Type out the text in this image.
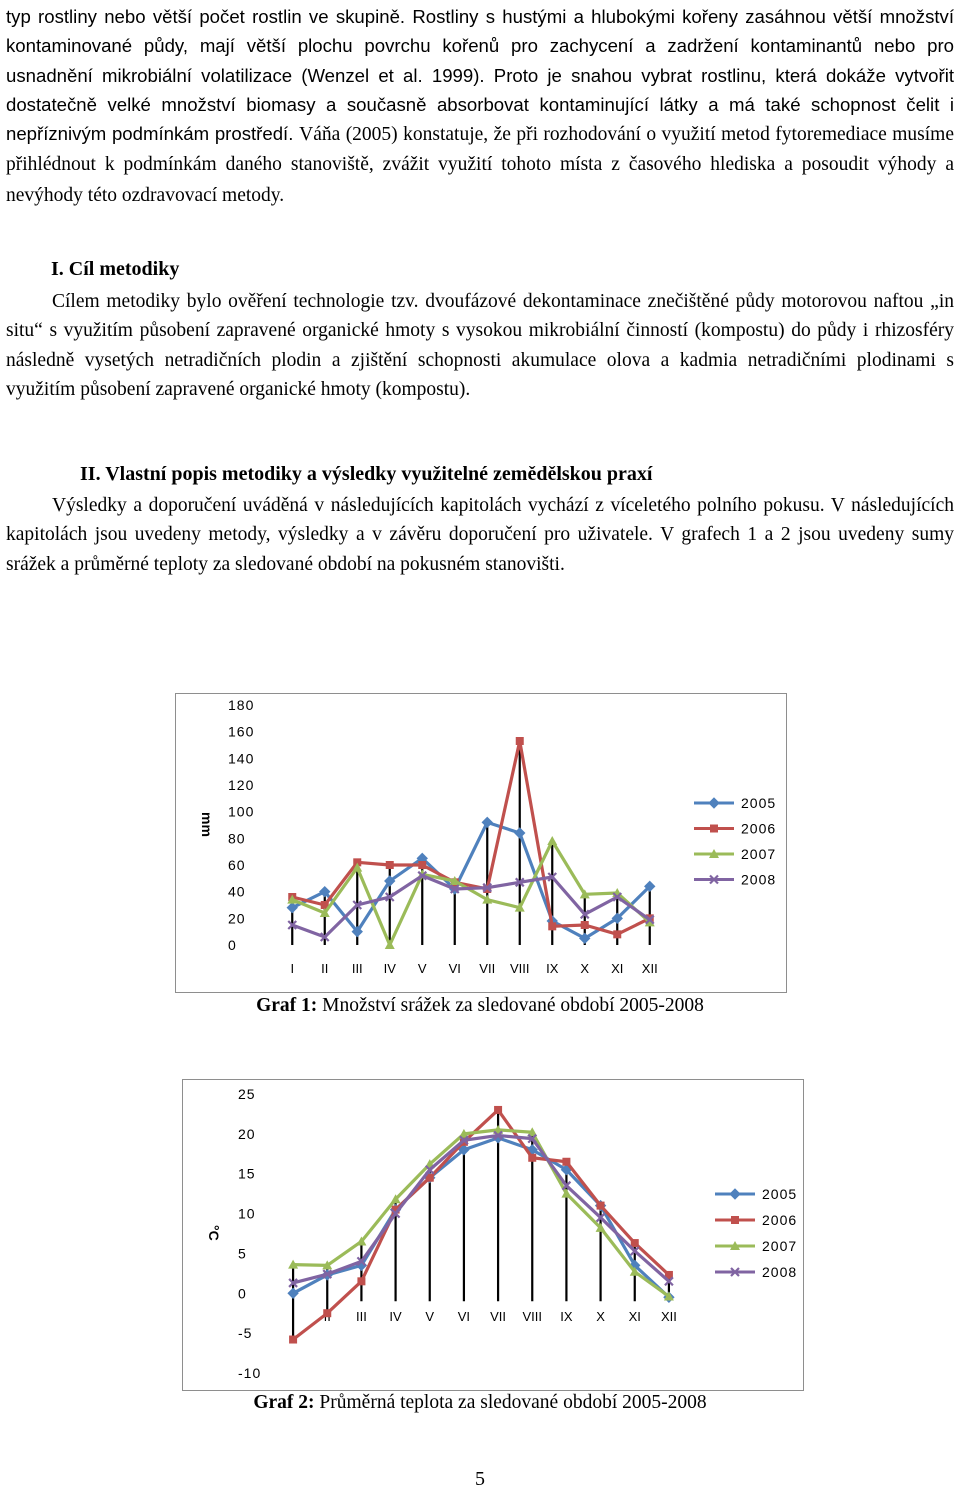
typ rostliny nebo větší počet rostlin ve skupině. Rostliny s hustými a hlubokými kořeny zasáhnou větší množství kontaminované půdy, mají větší plochu povrchu kořenů pro zachycení a zadržení kontaminantů nebo pro usnadnění mikrobiální volatilizace (Wenzel et al. 1999). Proto je snahou vybrat rostlinu, která dokáže vytvořit dostatečně velké množství biomasy a současně absorbovat kontaminující látky a má také schopnost čelit i nepříznivým podmínkám prostředí. Váňa (2005) konstatuje, že při rozhodování o využití metod fytoremediace musíme přihlédnout k podmínkám daného stanoviště, zvážit využití tohoto místa z časového hlediska a posoudit výhody a nevýhody této ozdravovací metody.

I. Cíl metodiky

Cílem metodiky bylo ověření technologie tzv. dvoufázové dekontaminace znečištěné půdy motorovou naftou „in situ“ s využitím působení zapravené organické hmoty s vysokou mikrobiální činností (kompostu) do půdy i rhizosféry následně vysetých netradičních plodin a zjištění schopnosti akumulace olova a kadmia netradičními plodinami s využitím působení zapravené organické hmoty (kompostu).

II. Vlastní popis metodiky a výsledky využitelné zemědělskou praxí

Výsledky a doporučení uváděná v následujících kapitolách vychází z víceletého polního pokusu. V následujících kapitolách jsou uvedeny metody, výsledky a v závěru doporučení pro uživatele. V grafech 1 a 2 jsou uvedeny sumy srážek a průměrné teploty za sledované období na pokusném stanovišti.

0
20
40
60
80
100
120
140
160
180
mm
I II III IV V VI VII VIII IX X XI XII
2005
2006
2007
2008
Graf 1: Množství srážek za sledované období 2005-2008
-10
-5
0
5
10
15
20
25
°C
I	III IV V VI VII VIII IX X XI XII
2005
2006
2007
2008
Graf 2: Průměrná teplota za sledované období 2005-2008
5
